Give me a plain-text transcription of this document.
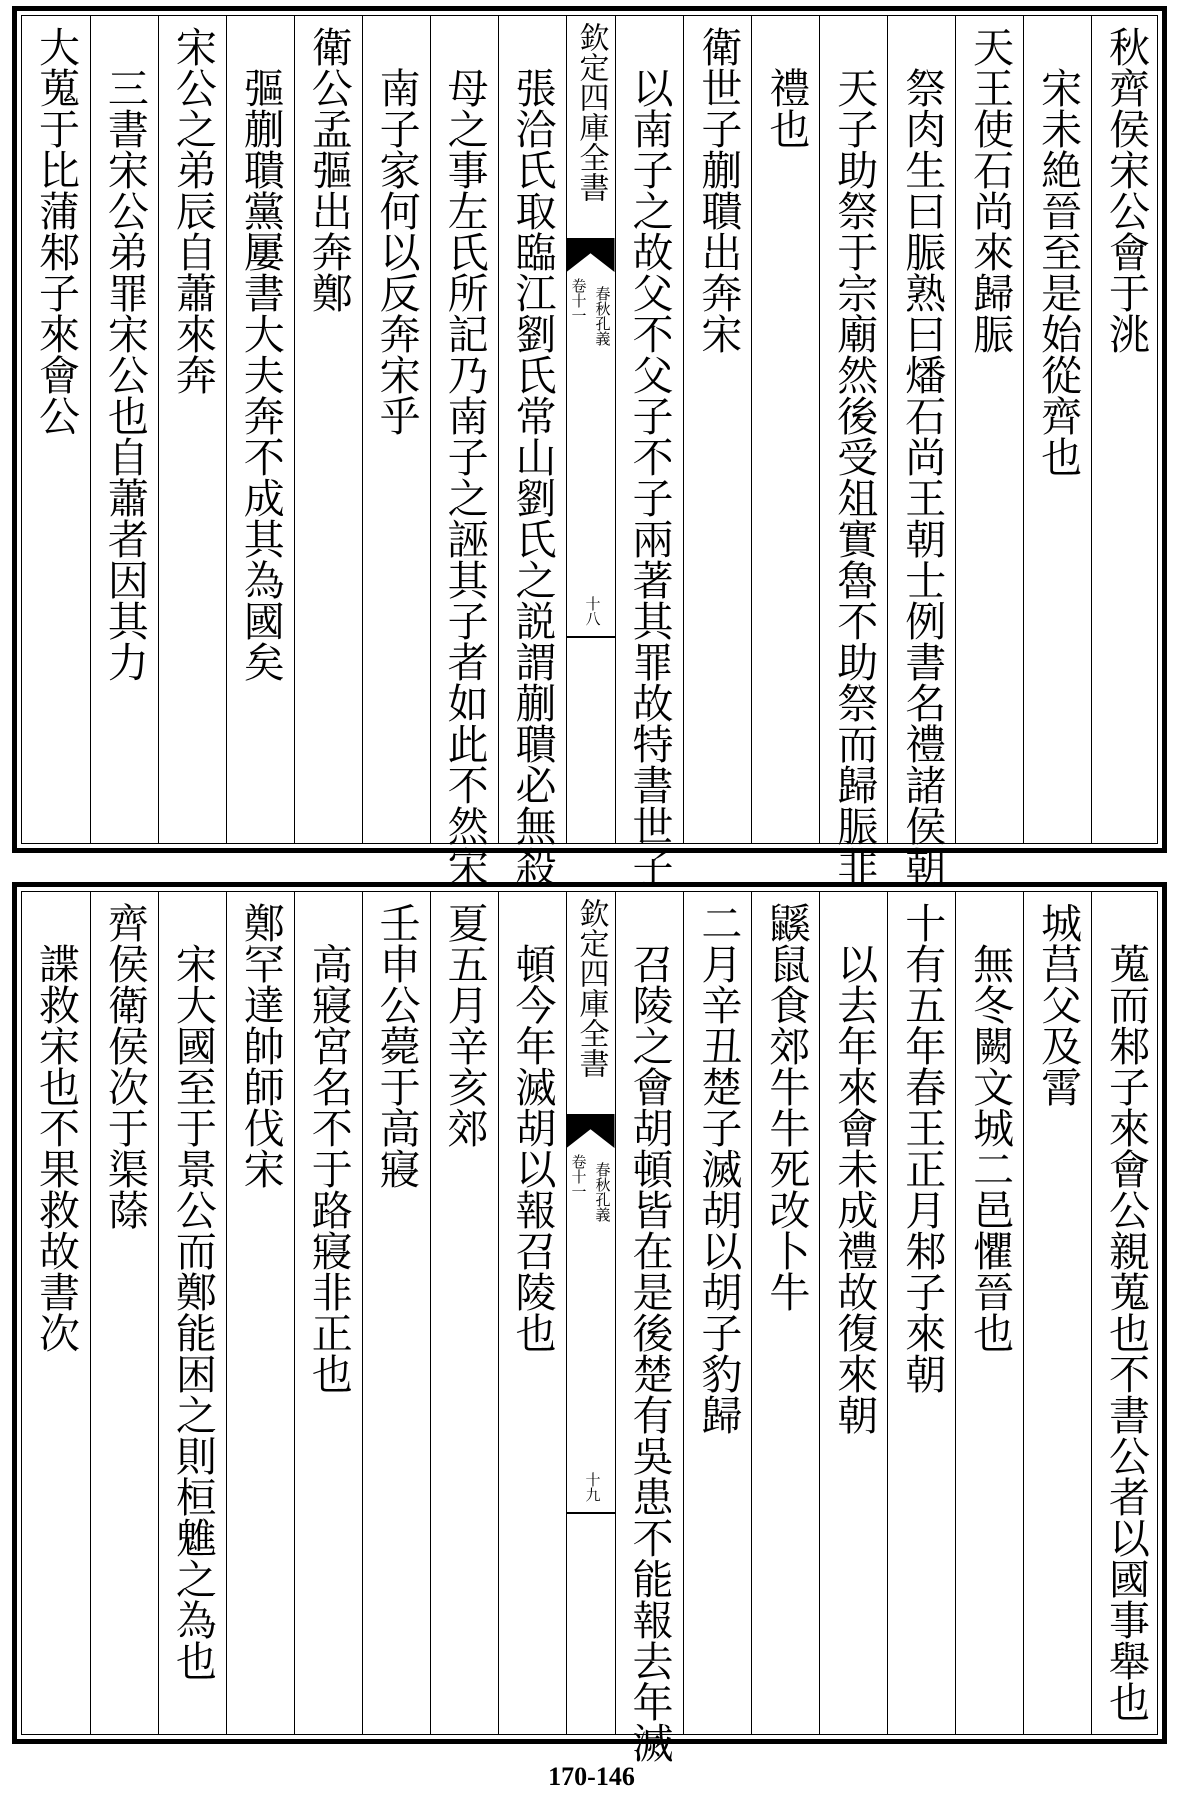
大蒐于比蒲邾子來會公 　三書宋公弟罪宋公也自蕭者因其力 宋公之弟辰自蕭來奔 　彄蒯聵黨屢書大夫奔不成其為國矣 衛公孟彄出奔鄭 　南子家何以反奔宋乎 　母之事左氏所記乃南子之誣其子者如此不然宋 　張洽氏取臨江劉氏常山劉氏之説謂蒯聵必無殺 欽定四庫全書
春秋孔義
卷十一
十八 　以南子之故父不父子不子兩著其罪故特書世子 衛世子蒯聵出奔宋 　禮也 　天子助祭于宗廟然後受俎實魯不助祭而歸脤非 　祭肉生曰脤熟曰燔石尚王朝士例書名禮諸侯朝 天王使石尚來歸脤 　宋未絶晉至是始從齊也 秋齊侯宋公會于洮
　諜救宋也不果救故書次 齊侯衛侯次于渠蒢 　宋大國至于景公而鄭能困之則桓魋之為也 鄭罕達帥師伐宋 　高寢宮名不于路寢非正也 壬申公薨于高寢 夏五月辛亥郊 　頓今年滅胡以報召陵也 欽定四庫全書
春秋孔義
卷十一
十九 　召陵之會胡頓皆在是後楚有吳患不能報去年滅 二月辛丑楚子滅胡以胡子豹歸 鼷鼠食郊牛牛死改卜牛 　以去年來會未成禮故復來朝 十有五年春王正月邾子來朝 　無冬闕文城二邑懼晉也 城莒父及霄 　蒐而邾子來會公親蒐也不書公者以國事舉也
170-146
